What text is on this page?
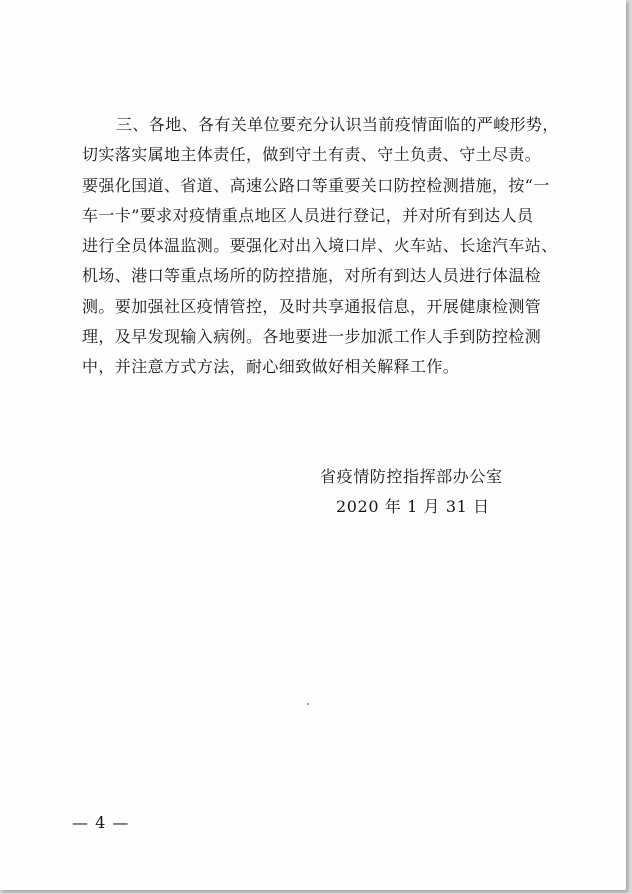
三、各地、各有关单位要充分认识当前疫情面临的严峻形势，
切实落实属地主体责任，做到守土有责、守土负责、守土尽责。
要强化国道、省道、高速公路口等重要关口防控检测措施，按“一
车一卡”要求对疫情重点地区人员进行登记，并对所有到达人员
进行全员体温监测。要强化对出入境口岸、火车站、长途汽车站、
机场、港口等重点场所的防控措施，对所有到达人员进行体温检
测。要加强社区疫情管控，及时共享通报信息，开展健康检测管
理，及早发现输入病例。各地要进一步加派工作人手到防控检测
中，并注意方式方法，耐心细致做好相关解释工作。

省疫情防控指挥部办公室
2020 年 1 月 31 日
— 4 —
